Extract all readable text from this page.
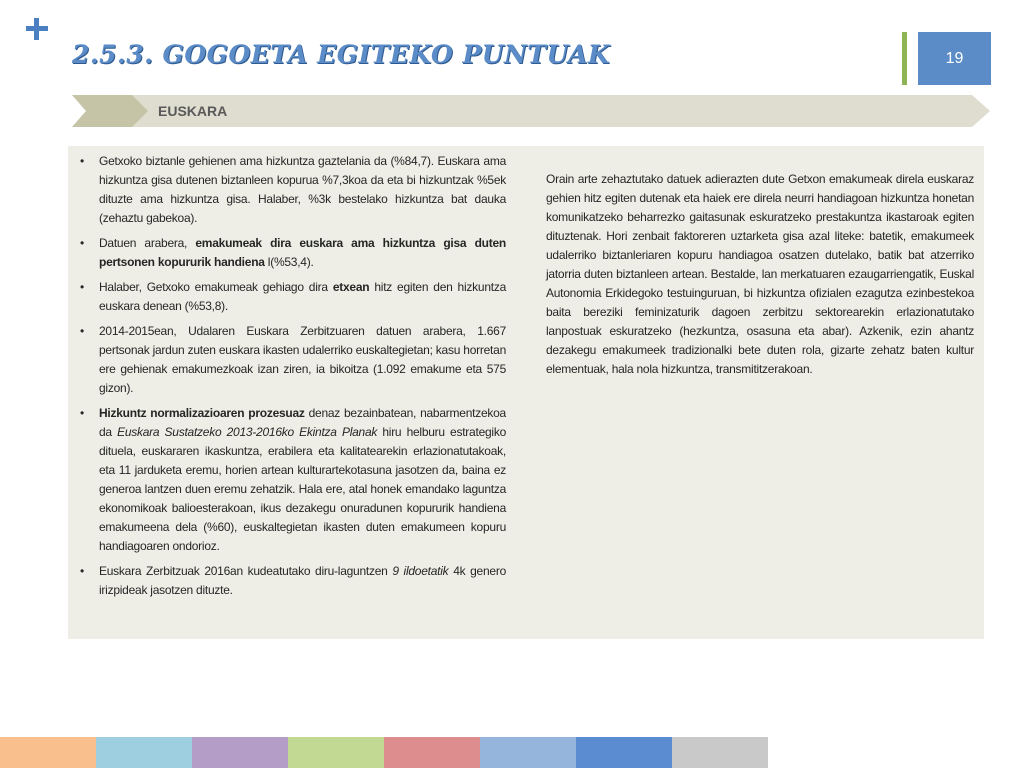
2.5.3. GOGOETA EGITEKO PUNTUAK	19
EUSKARA
• Getxoko biztanle gehienen ama hizkuntza gaztelania da (%84,7). Euskara ama hizkuntza gisa dutenen biztanleen kopurua %7,3koa da eta bi hizkuntzak %5ek dituzte ama hizkuntza gisa. Halaber, %3k bestelako hizkuntza bat dauka (zehaztu gabekoa).
• Datuen arabera, emakumeak dira euskara ama hizkuntza gisa duten pertsonen kopururik handiena l(%53,4).
• Halaber, Getxoko emakumeak gehiago dira etxean hitz egiten den hizkuntza euskara denean (%53,8).
• 2014-2015ean, Udalaren Euskara Zerbitzuaren datuen arabera, 1.667 pertsonak jardun zuten euskara ikasten udalerriko euskaltegietan; kasu horretan ere gehienak emakumezkoak izan ziren, ia bikoitza (1.092 emakume eta 575 gizon).
• Hizkuntz normalizazioaren prozesuaz denaz bezainbatean, nabarmentzekoa da Euskara Sustatzeko 2013-2016ko Ekintza Planak hiru helburu estrategiko dituela, euskararen ikaskuntza, erabilera eta kalitatearekin erlazionatutakoak, eta 11 jarduketa eremu, horien artean kulturartekotasuna jasotzen da, baina ez generoa lantzen duen eremu zehatzik. Hala ere, atal honek emandako laguntza ekonomikoak balioesterakoan, ikus dezakegu onuradunen kopururik handiena emakumeena dela (%60), euskaltegietan ikasten duten emakumeen kopuru handiagoaren ondorioz.
• Euskara Zerbitzuak 2016an kudeatutako diru-laguntzen 9 ildoetatik 4k genero irizpideak jasotzen dituzte.

Orain arte zehaztutako datuek adierazten dute Getxon emakumeak direla euskaraz gehien hitz egiten dutenak eta haiek ere direla neurri handiagoan hizkuntza honetan komunikatzeko beharrezko gaitasunak eskuratzeko prestakuntza ikastaroak egiten dituztenak. Hori zenbait faktoreren uztarketa gisa azal liteke: batetik, emakumeek udalerriko biztanleriaren kopuru handiagoa osatzen dutelako, batik bat atzerriko jatorria duten biztanleen artean. Bestalde, lan merkatuaren ezaugarriengatik, Euskal Autonomia Erkidegoko testuinguruan, bi hizkuntza ofizialen ezagutza ezinbestekoa baita bereziki feminizaturik dagoen zerbitzu sektorearekin erlazionatutako lanpostuak eskuratzeko (hezkuntza, osasuna eta abar). Azkenik, ezin ahantz dezakegu emakumeek tradizionalki bete duten rola, gizarte zehatz baten kultur elementuak, hala nola hizkuntza, transmititzerakoan.
